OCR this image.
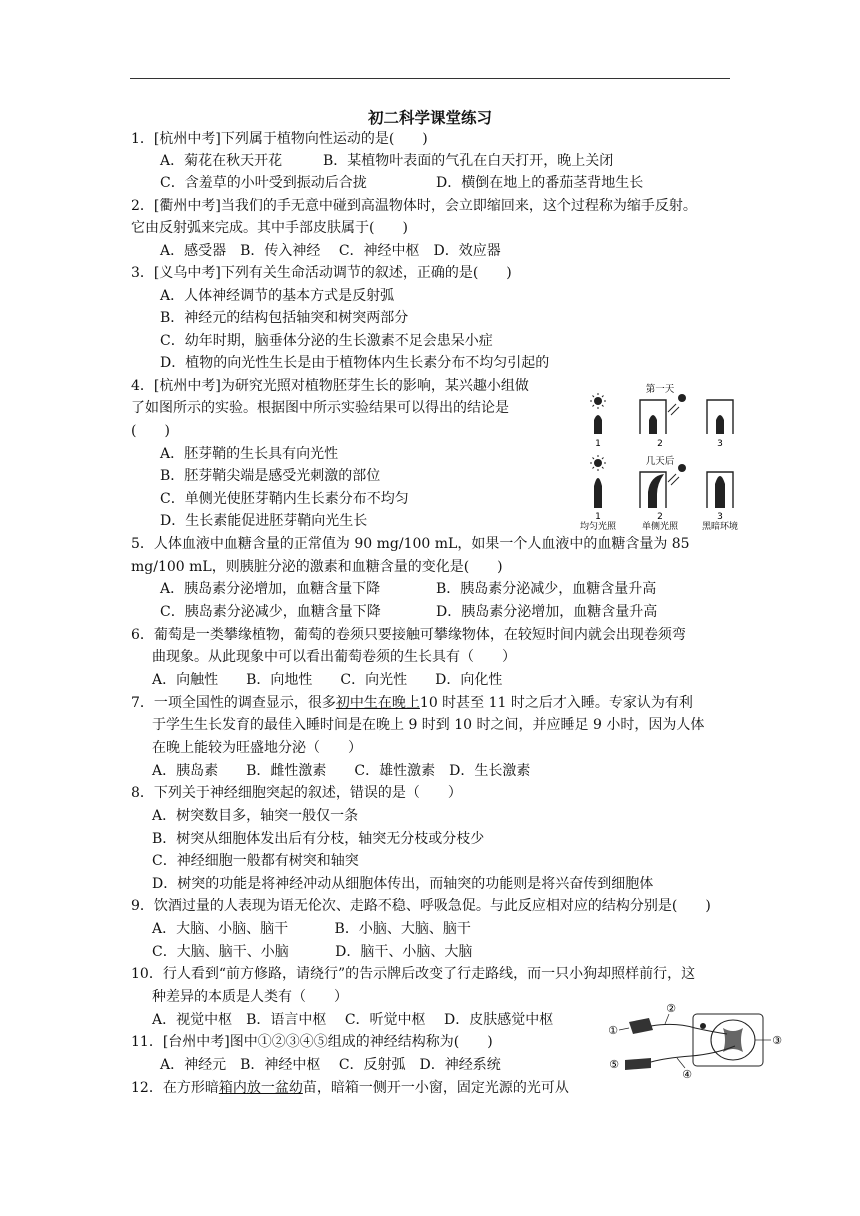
初二科学课堂练习
1．[杭州中考]下列属于植物向性运动的是(　　)
A．菊花在秋天开花	B．某植物叶表面的气孔在白天打开，晚上关闭
C．含羞草的小叶受到振动后合拢	D．横倒在地上的番茄茎背地生长
2．[衢州中考]当我们的手无意中碰到高温物体时，会立即缩回来，这个过程称为缩手反射。
它由反射弧来完成。其中手部皮肤属于(　　)
A．感受器　B．传入神经　 C．神经中枢　D．效应器
3．[义乌中考]下列有关生命活动调节的叙述，正确的是(　　)
A．人体神经调节的基本方式是反射弧
B．神经元的结构包括轴突和树突两部分
C．幼年时期，脑垂体分泌的生长激素不足会患呆小症
D．植物的向光性生长是由于植物体内生长素分布不均匀引起的
4．[杭州中考]为研究光照对植物胚芽生长的影响，某兴趣小组做
了如图所示的实验。根据图中所示实验结果可以得出的结论是
(　　)
A．胚芽鞘的生长具有向光性
B．胚芽鞘尖端是感受光刺激的部位
C．单侧光使胚芽鞘内生长素分布不均匀
D．生长素能促进胚芽鞘向光生长
第一天
1	2	3
几天后
1
均匀光照
2
单侧光照
3
黑暗环境
5．人体血液中血糖含量的正常值为 90 mg/100 mL，如果一个人血液中的血糖含量为 85
mg/100 mL，则胰脏分泌的激素和血糖含量的变化是(　　)
A．胰岛素分泌增加，血糖含量下降	B．胰岛素分泌减少，血糖含量升高
C．胰岛素分泌减少，血糖含量下降	D．胰岛素分泌增加，血糖含量升高
6．葡萄是一类攀缘植物，葡萄的卷须只要接触可攀缘物体，在较短时间内就会出现卷须弯
曲现象。从此现象中可以看出葡萄卷须的生长具有（　　）
A．向触性　　B．向地性　　C．向光性　　D．向化性
7．一项全国性的调查显示，很多初中生在晚上10 时甚至 11 时之后才入睡。专家认为有利
于学生生长发育的最佳入睡时间是在晚上 9 时到 10 时之间，并应睡足 9 小时，因为人体
在晚上能较为旺盛地分泌（　　）
A．胰岛素　　B．雌性激素　　C．雄性激素　D．生长激素
8．下列关于神经细胞突起的叙述，错误的是（　　）
A．树突数目多，轴突一般仅一条
B．树突从细胞体发出后有分枝，轴突无分枝或分枝少
C．神经细胞一般都有树突和轴突
D．树突的功能是将神经冲动从细胞体传出，而轴突的功能则是将兴奋传到细胞体
9．饮酒过量的人表现为语无伦次、走路不稳、呼吸急促。与此反应相对应的结构分别是(　　)
A．大脑、小脑、脑干　　　 B．小脑、大脑、脑干
C．大脑、脑干、小脑　　　 D．脑干、小脑、大脑
10．行人看到“前方修路，请绕行”的告示牌后改变了行走路线，而一只小狗却照样前行，这
种差异的本质是人类有（　　）
A．视觉中枢　B．语言中枢　 C．听觉中枢　 D．皮肤感觉中枢
11．[台州中考]图中①②③④⑤组成的神经结构称为(　　)
A．神经元　B．神经中枢　 C．反射弧　D．神经系统
①
②
③
④
⑤
12．在方形暗箱内放一盆幼苗，暗箱一侧开一小窗，固定光源的光可从
